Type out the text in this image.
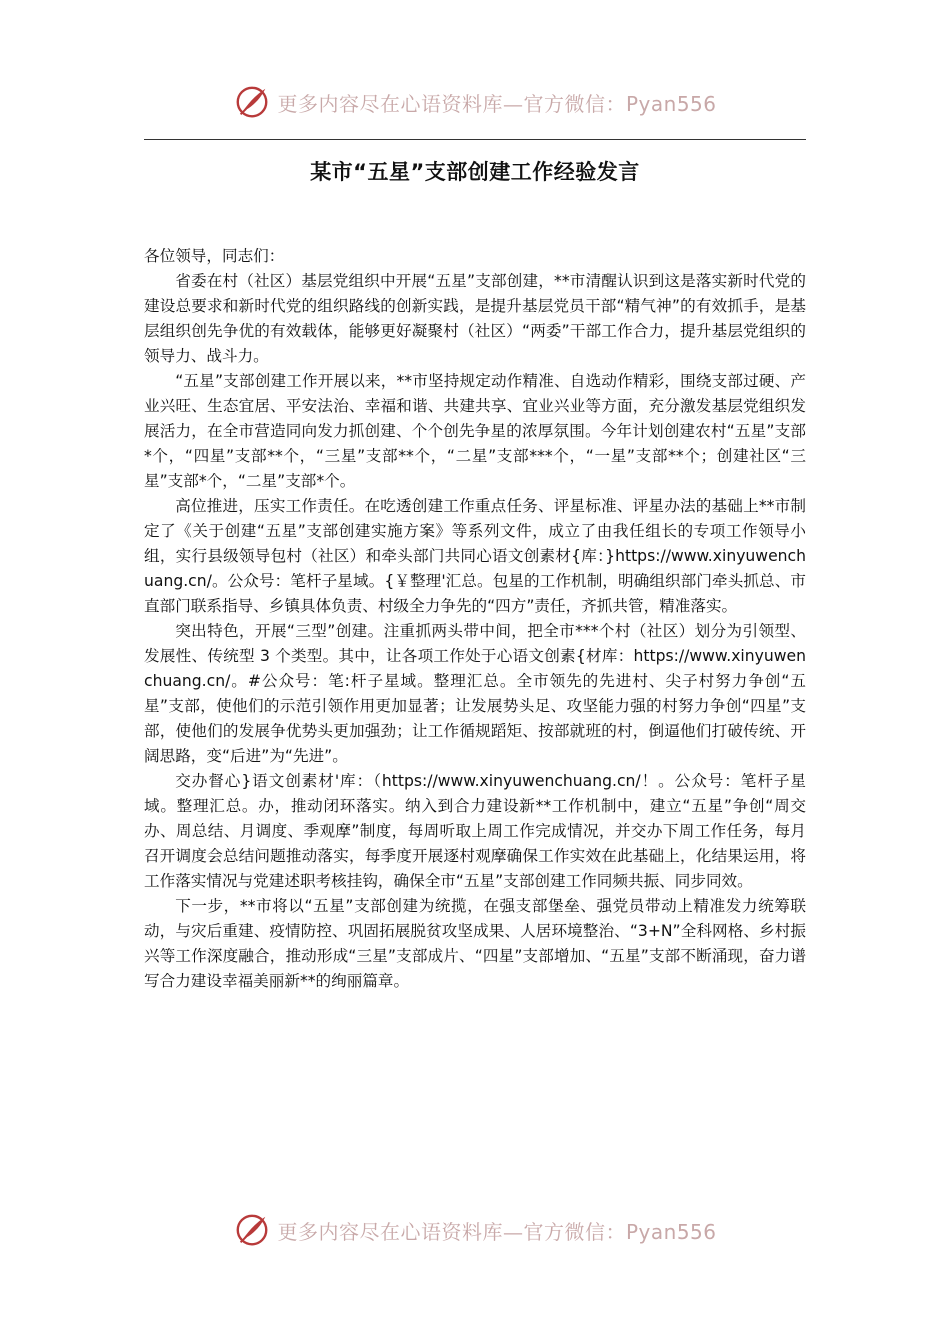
更多内容尽在心语资料库—官方微信：Pyan556
某市“五星”支部创建工作经验发言

各位领导，同志们：

省委在村（社区）基层党组织中开展“五星”支部创建，**市清醒认识到这是落实新时代党的建设总要求和新时代党的组织路线的创新实践，是提升基层党员干部“精气神”的有效抓手，是基层组织创先争优的有效载体，能够更好凝聚村（社区）“两委”干部工作合力，提升基层党组织的领导力、战斗力。

“五星”支部创建工作开展以来，**市坚持规定动作精准、自选动作精彩，围绕支部过硬、产业兴旺、生态宜居、平安法治、幸福和谐、共建共享、宜业兴业等方面，充分激发基层党组织发展活力，在全市营造同向发力抓创建、个个创先争星的浓厚氛围。今年计划创建农村“五星”支部*个，“四星”支部**个，“三星”支部**个，“二星”支部***个，“一星”支部**个；创建社区“三星”支部*个，“二星”支部*个。

高位推进，压实工作责任。在吃透创建工作重点任务、评星标准、评星办法的基础上**市制定了《关于创建“五星”支部创建实施方案》等系列文件，成立了由我任组长的专项工作领导小组，实行县级领导包村（社区）和牵头部门共同心语文创素材{库：}https://www.xinyuwenchuang.cn/。公众号：笔杆子星域。{￥整理'汇总。包星的工作机制，明确组织部门牵头抓总、市直部门联系指导、乡镇具体负责、村级全力争先的“四方”责任，齐抓共管，精准落实。

突出特色，开展“三型”创建。注重抓两头带中间，把全市***个村（社区）划分为引领型、发展性、传统型 3 个类型。其中，让各项工作处于心语文创素{材库：https://www.xinyuwenchuang.cn/。#公众号：笔:杆子星域。整理汇总。全市领先的先进村、尖子村努力争创“五星”支部，使他们的示范引领作用更加显著；让发展势头足、攻坚能力强的村努力争创“四星”支部，使他们的发展争优势头更加强劲；让工作循规蹈矩、按部就班的村，倒逼他们打破传统、开阔思路，变“后进”为“先进”。

交办督心}语文创素材'库：（https://www.xinyuwenchuang.cn/！。公众号：笔杆子星域。整理汇总。办，推动闭环落实。纳入到合力建设新**工作机制中，建立“五星”争创“周交办、周总结、月调度、季观摩”制度，每周听取上周工作完成情况，并交办下周工作任务，每月召开调度会总结问题推动落实，每季度开展逐村观摩确保工作实效在此基础上，化结果运用，将工作落实情况与党建述职考核挂钩，确保全市“五星”支部创建工作同频共振、同步同效。

下一步，**市将以“五星”支部创建为统揽，在强支部堡垒、强党员带动上精准发力统筹联动，与灾后重建、疫情防控、巩固拓展脱贫攻坚成果、人居环境整治、“3+N”全科网格、乡村振兴等工作深度融合，推动形成“三星”支部成片、“四星”支部增加、“五星”支部不断涌现，奋力谱写合力建设幸福美丽新**的绚丽篇章。

更多内容尽在心语资料库—官方微信：Pyan556
